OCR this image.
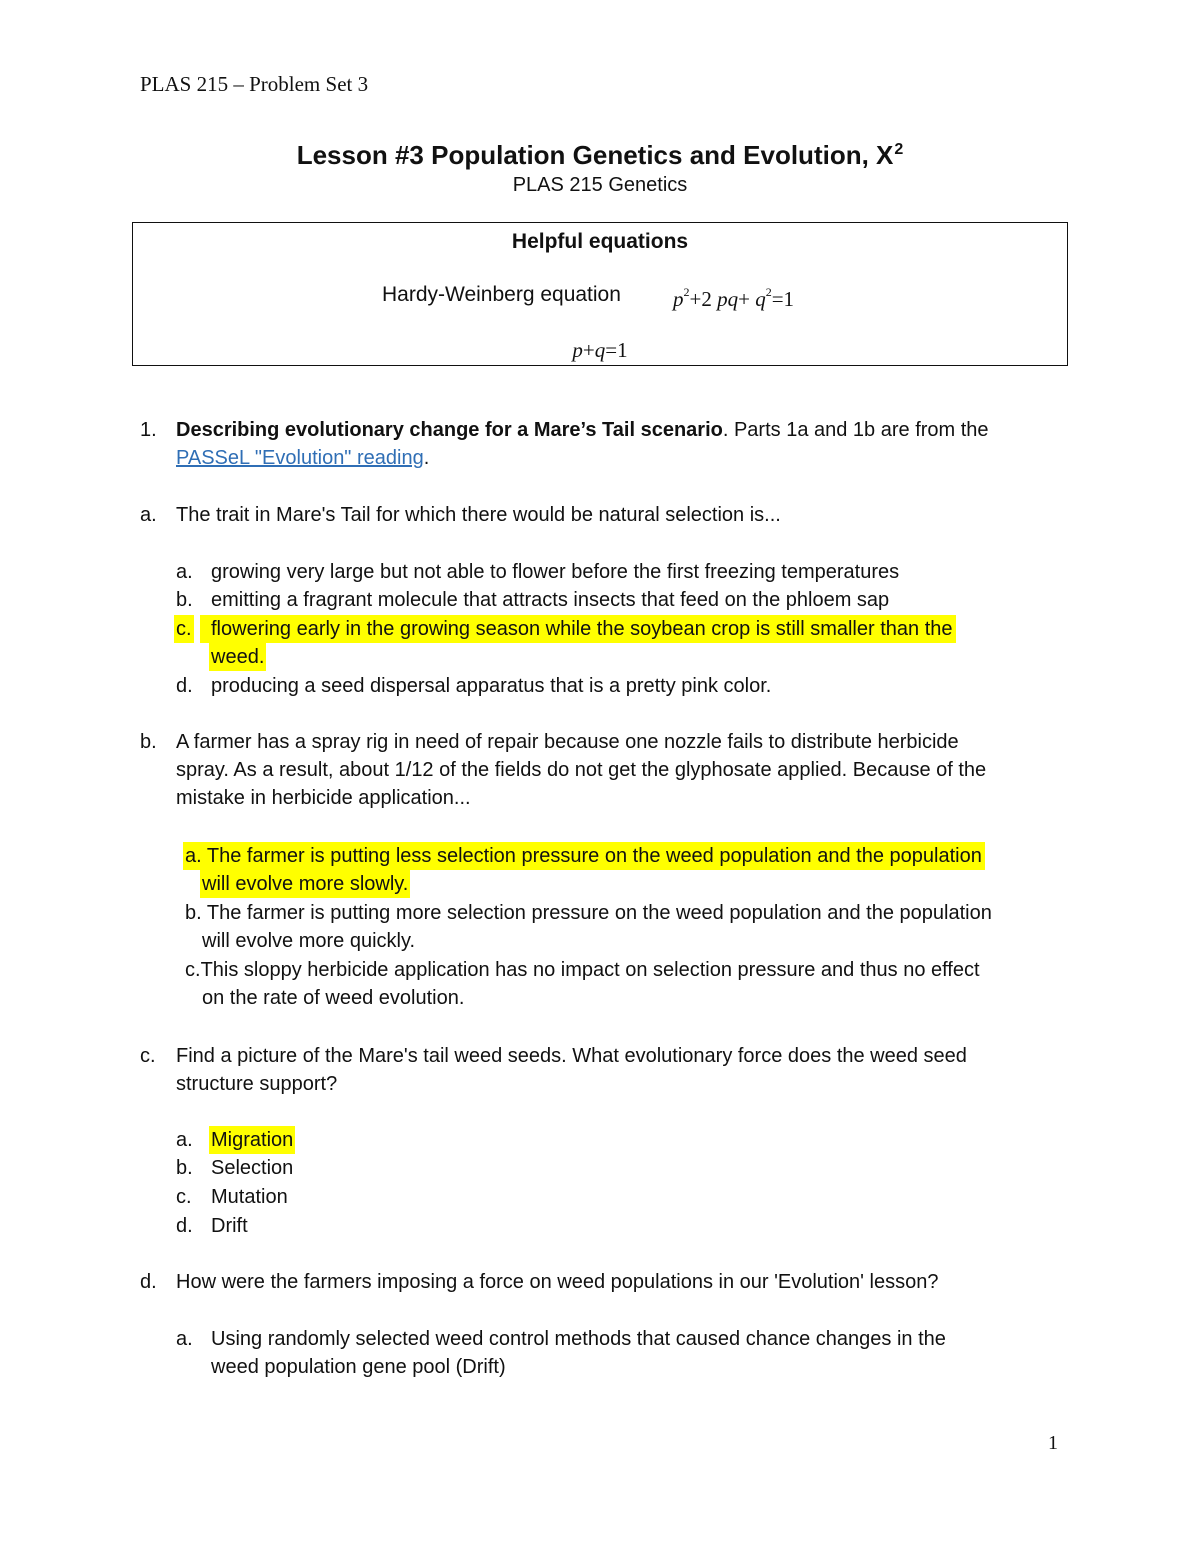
PLAS 215 – Problem Set 3
Lesson #3 Population Genetics and Evolution, $X^2$
PLAS 215 Genetics
Helpful equations
Hardy-Weinberg equation $p^2+2$ $pq+ q^2=1$
p+q=1
1. Describing evolutionary change for a Mare’s Tail scenario. Parts 1a and 1b are from the
PASSeL "Evolution" reading.
a. The trait in Mare's Tail for which there would be natural selection is...
a. growing very large but not able to flower before the first freezing temperatures
b. emitting a fragrant molecule that attracts insects that feed on the phloem sap
c. flowering early in the growing season while the soybean crop is still smaller than the
weed.
d. producing a seed dispersal apparatus that is a pretty pink color.
b. A farmer has a spray rig in need of repair because one nozzle fails to distribute herbicide
spray. As a result, about 1/12 of the fields do not get the glyphosate applied. Because of the
mistake in herbicide application...
a. The farmer is putting less selection pressure on the weed population and the population
will evolve more slowly.
b. The farmer is putting more selection pressure on the weed population and the population
will evolve more quickly.
c.This sloppy herbicide application has no impact on selection pressure and thus no effect
on the rate of weed evolution.
c. Find a picture of the Mare's tail weed seeds. What evolutionary force does the weed seed
structure support?
a. Migration
b. Selection
c. Mutation
d. Drift
d. How were the farmers imposing a force on weed populations in our 'Evolution' lesson?
a. Using randomly selected weed control methods that caused chance changes in the
weed population gene pool (Drift)
1
